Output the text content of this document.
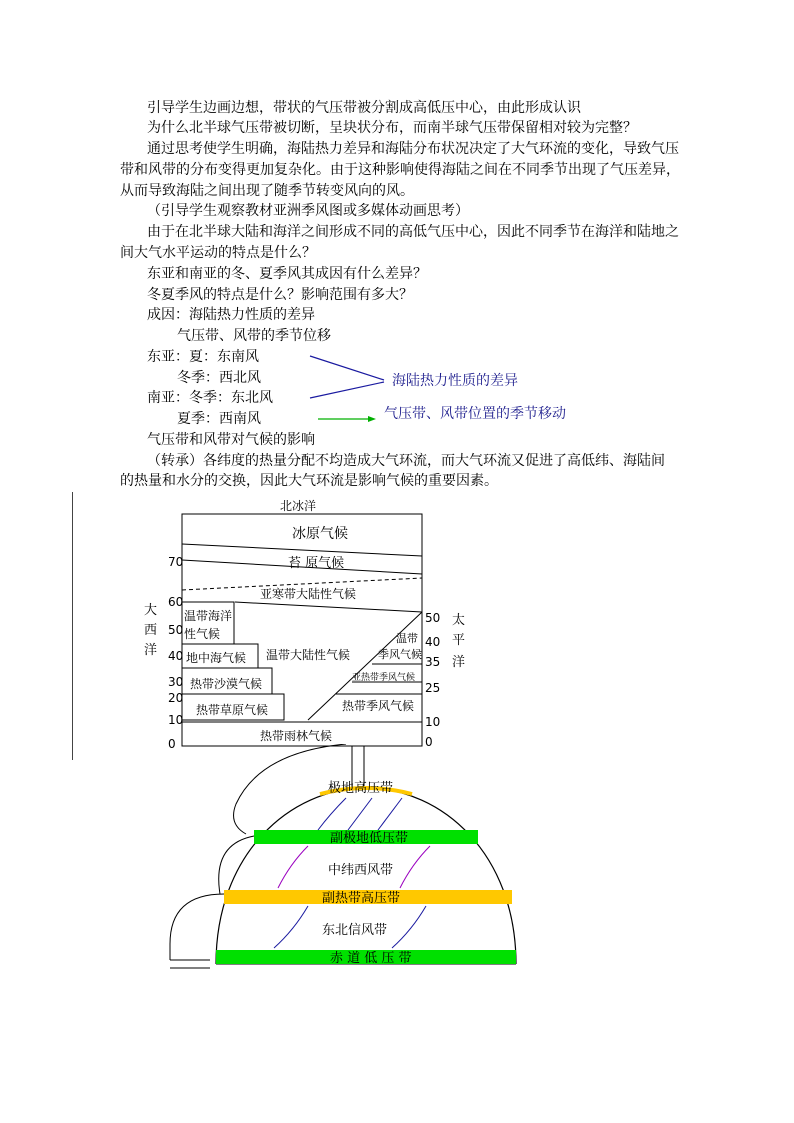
引导学生边画边想，带状的气压带被分割成高低压中心，由此形成认识
为什么北半球气压带被切断，呈块状分布，而南半球气压带保留相对较为完整？
通过思考使学生明确，海陆热力差异和海陆分布状况决定了大气环流的变化，导致气压
带和风带的分布变得更加复杂化。由于这种影响使得海陆之间在不同季节出现了气压差异，
从而导致海陆之间出现了随季节转变风向的风。
（引导学生观察教材亚洲季风图或多媒体动画思考）
由于在北半球大陆和海洋之间形成不同的高低气压中心，因此不同季节在海洋和陆地之
间大气水平运动的特点是什么？
东亚和南亚的冬、夏季风其成因有什么差异？
冬夏季风的特点是什么？影响范围有多大？
成因：海陆热力性质的差异
气压带、风带的季节位移
东亚：夏：东南风
冬季：西北风
南亚：冬季：东北风
夏季：西南风
气压带和风带对气候的影响
（转承）各纬度的热量分配不均造成大气环流，而大气环流又促进了高低纬、海陆间
的热量和水分的交换，因此大气环流是影响气候的重要因素。
海陆热力性质的差异
气压带、风带位置的季节移动
北冰洋
冰原气候
苔 原气候
亚寒带大陆性气候
温带海洋
性气候
地中海气候 温带大陆性气候
温带
季风气候
亚热带季风气候
热带沙漠气候
热带草原气候	热带季风气候
热带雨林气候
70
60
50
40
30
20
10
0
50
40
35
25
10
0
大
西
洋
太
平
洋
极地高压带
副极地低压带
中纬西风带
副热带高压带
东北信风带
赤 道 低 压 带
